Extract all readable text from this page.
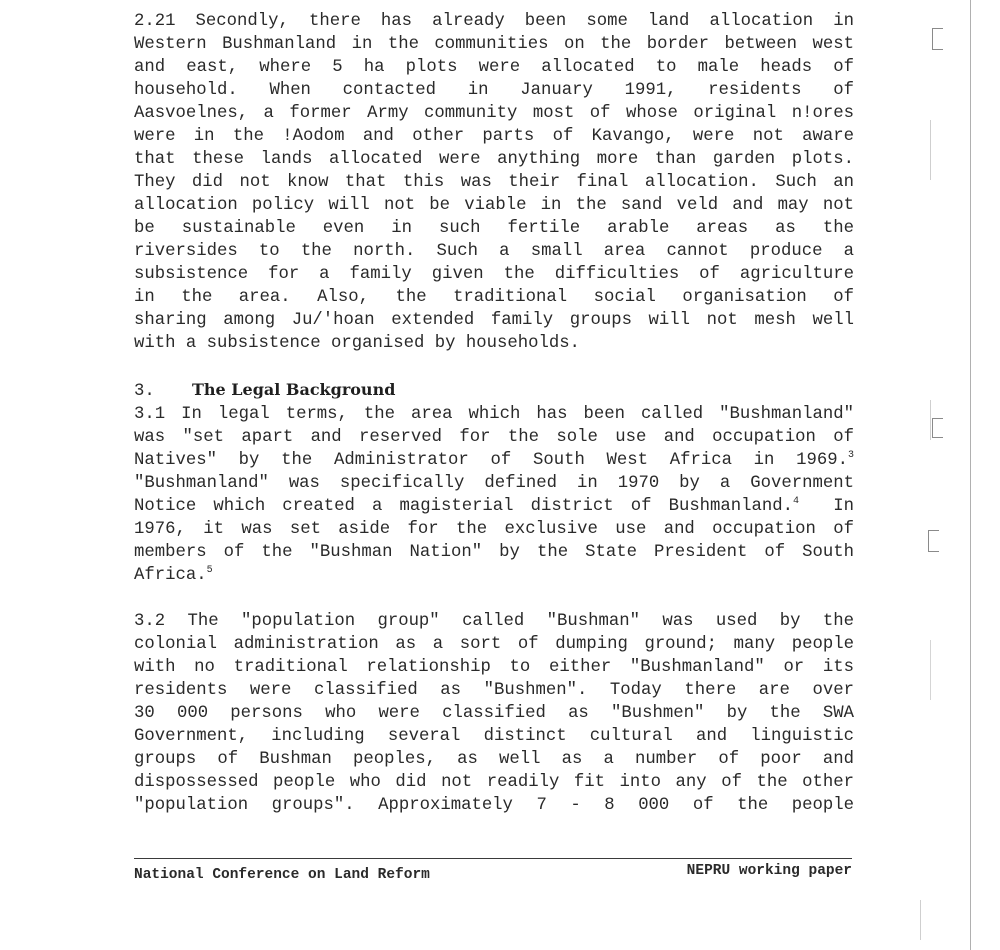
2.21 Secondly, there has already been some land allocation in
Western Bushmanland in the communities on the border between west
and east, where 5 ha plots were allocated to male heads of
household. When contacted in January 1991, residents of
Aasvoelnes, a former Army community most of whose original n!ores
were in the !Aodom and other parts of Kavango, were not aware
that these lands allocated were anything more than garden plots.
They did not know that this was their final allocation. Such an
allocation policy will not be viable in the sand veld and may not
be sustainable even in such fertile arable areas as the
riversides to the north. Such a small area cannot produce a
subsistence for a family given the difficulties of agriculture
in the area. Also, the traditional social organisation of
sharing among Ju/'hoan extended family groups will not mesh well
with a subsistence organised by households.
3. The Legal Background
3.1 In legal terms, the area which has been called "Bushmanland"
was "set apart and reserved for the sole use and occupation of
Natives" by the Administrator of South West Africa in 1969.$^3$
"Bushmanland" was specifically defined in 1970 by a Government
Notice which created a magisterial district of Bushmanland.$^4$  In
1976, it was set aside for the exclusive use and occupation of
members of the "Bushman Nation" by the State President of South
Africa.$^5$
3.2 The "population group" called "Bushman" was used by the
colonial administration as a sort of dumping ground; many people
with no traditional relationship to either "Bushmanland" or its
residents were classified as "Bushmen". Today there are over
30 000 persons who were classified as "Bushmen" by the SWA
Government, including several distinct cultural and linguistic
groups of Bushman peoples, as well as a number of poor and
dispossessed people who did not readily fit into any of the other
"population groups". Approximately 7 - 8 000 of the people
National Conference on Land Reform	NEPRU working paper
